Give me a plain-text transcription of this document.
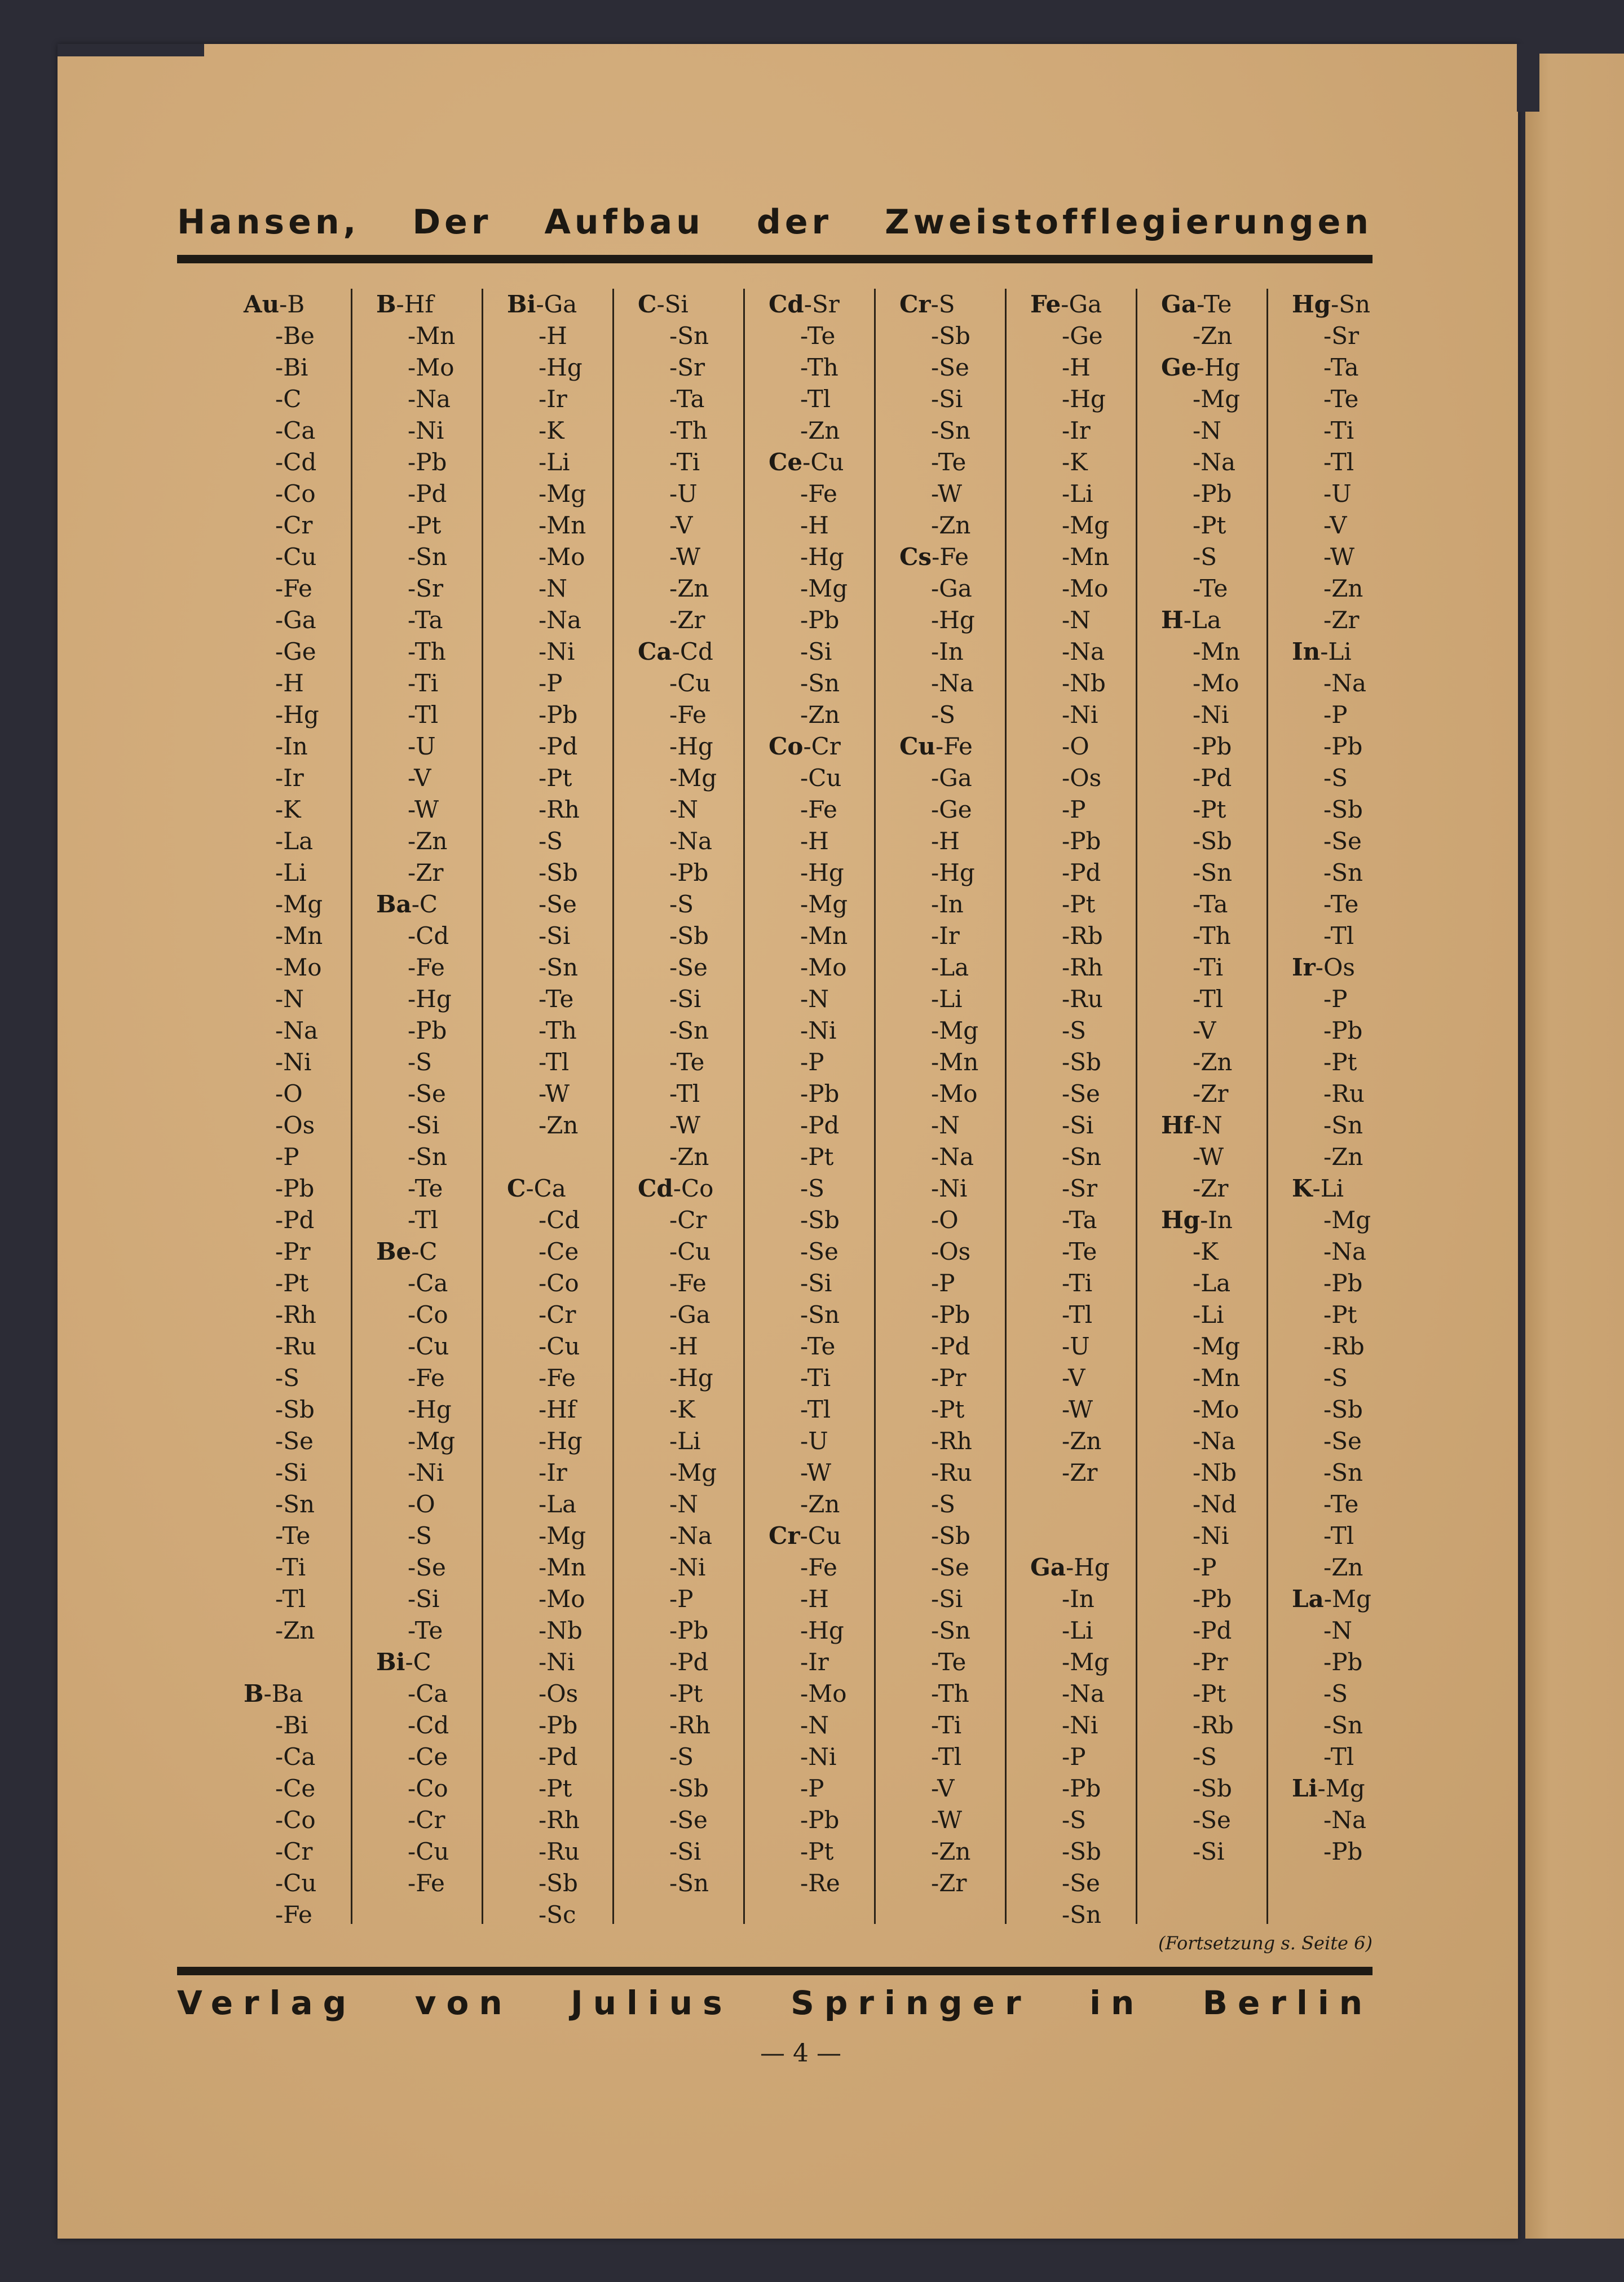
Hansen, Der Aufbau der Zweistofflegierungen
Au-B
-Be
-Bi
-C
-Ca
-Cd
-Co
-Cr
-Cu
-Fe
-Ga
-Ge
-H
-Hg
-In
-Ir
-K
-La
-Li
-Mg
-Mn
-Mo
-N
-Na
-Ni
-O
-Os
-P
-Pb
-Pd
-Pr
-Pt
-Rh
-Ru
-S
-Sb
-Se
-Si
-Sn
-Te
-Ti
-Tl
-Zn
B-Ba
-Bi
-Ca
-Ce
-Co
-Cr
-Cu
-Fe
B-Hf
-Mn
-Mo
-Na
-Ni
-Pb
-Pd
-Pt
-Sn
-Sr
-Ta
-Th
-Ti
-Tl
-U
-V
-W
-Zn
-Zr
Ba-C
-Cd
-Fe
-Hg
-Pb
-S
-Se
-Si
-Sn
-Te
-Tl
Be-C
-Ca
-Co
-Cu
-Fe
-Hg
-Mg
-Ni
-O
-S
-Se
-Si
-Te
Bi-C
-Ca
-Cd
-Ce
-Co
-Cr
-Cu
-Fe
Bi-Ga
-H
-Hg
-Ir
-K
-Li
-Mg
-Mn
-Mo
-N
-Na
-Ni
-P
-Pb
-Pd
-Pt
-Rh
-S
-Sb
-Se
-Si
-Sn
-Te
-Th
-Tl
-W
-Zn
C-Ca
-Cd
-Ce
-Co
-Cr
-Cu
-Fe
-Hf
-Hg
-Ir
-La
-Mg
-Mn
-Mo
-Nb
-Ni
-Os
-Pb
-Pd
-Pt
-Rh
-Ru
-Sb
-Sc
C-Si
-Sn
-Sr
-Ta
-Th
-Ti
-U
-V
-W
-Zn
-Zr
Ca-Cd
-Cu
-Fe
-Hg
-Mg
-N
-Na
-Pb
-S
-Sb
-Se
-Si
-Sn
-Te
-Tl
-W
-Zn
Cd-Co
-Cr
-Cu
-Fe
-Ga
-H
-Hg
-K
-Li
-Mg
-N
-Na
-Ni
-P
-Pb
-Pd
-Pt
-Rh
-S
-Sb
-Se
-Si
-Sn
Cd-Sr
-Te
-Th
-Tl
-Zn
Ce-Cu
-Fe
-H
-Hg
-Mg
-Pb
-Si
-Sn
-Zn
Co-Cr
-Cu
-Fe
-H
-Hg
-Mg
-Mn
-Mo
-N
-Ni
-P
-Pb
-Pd
-Pt
-S
-Sb
-Se
-Si
-Sn
-Te
-Ti
-Tl
-U
-W
-Zn
Cr-Cu
-Fe
-H
-Hg
-Ir
-Mo
-N
-Ni
-P
-Pb
-Pt
-Re
Cr-S
-Sb
-Se
-Si
-Sn
-Te
-W
-Zn
Cs-Fe
-Ga
-Hg
-In
-Na
-S
Cu-Fe
-Ga
-Ge
-H
-Hg
-In
-Ir
-La
-Li
-Mg
-Mn
-Mo
-N
-Na
-Ni
-O
-Os
-P
-Pb
-Pd
-Pr
-Pt
-Rh
-Ru
-S
-Sb
-Se
-Si
-Sn
-Te
-Th
-Ti
-Tl
-V
-W
-Zn
-Zr
Fe-Ga
-Ge
-H
-Hg
-Ir
-K
-Li
-Mg
-Mn
-Mo
-N
-Na
-Nb
-Ni
-O
-Os
-P
-Pb
-Pd
-Pt
-Rb
-Rh
-Ru
-S
-Sb
-Se
-Si
-Sn
-Sr
-Ta
-Te
-Ti
-Tl
-U
-V
-W
-Zn
-Zr
Ga-Hg
-In
-Li
-Mg
-Na
-Ni
-P
-Pb
-S
-Sb
-Se
-Sn
Ga-Te
-Zn
Ge-Hg
-Mg
-N
-Na
-Pb
-Pt
-S
-Te
H-La
-Mn
-Mo
-Ni
-Pb
-Pd
-Pt
-Sb
-Sn
-Ta
-Th
-Ti
-Tl
-V
-Zn
-Zr
Hf-N
-W
-Zr
Hg-In
-K
-La
-Li
-Mg
-Mn
-Mo
-Na
-Nb
-Nd
-Ni
-P
-Pb
-Pd
-Pr
-Pt
-Rb
-S
-Sb
-Se
-Si
Hg-Sn
-Sr
-Ta
-Te
-Ti
-Tl
-U
-V
-W
-Zn
-Zr
In-Li
-Na
-P
-Pb
-S
-Sb
-Se
-Sn
-Te
-Tl
Ir-Os
-P
-Pb
-Pt
-Ru
-Sn
-Zn
K-Li
-Mg
-Na
-Pb
-Pt
-Rb
-S
-Sb
-Se
-Sn
-Te
-Tl
-Zn
La-Mg
-N
-Pb
-S
-Sn
-Tl
Li-Mg
-Na
-Pb
(Fortsetzung s. Seite 6)
Verlag von Julius Springer in Berlin
— 4 —
